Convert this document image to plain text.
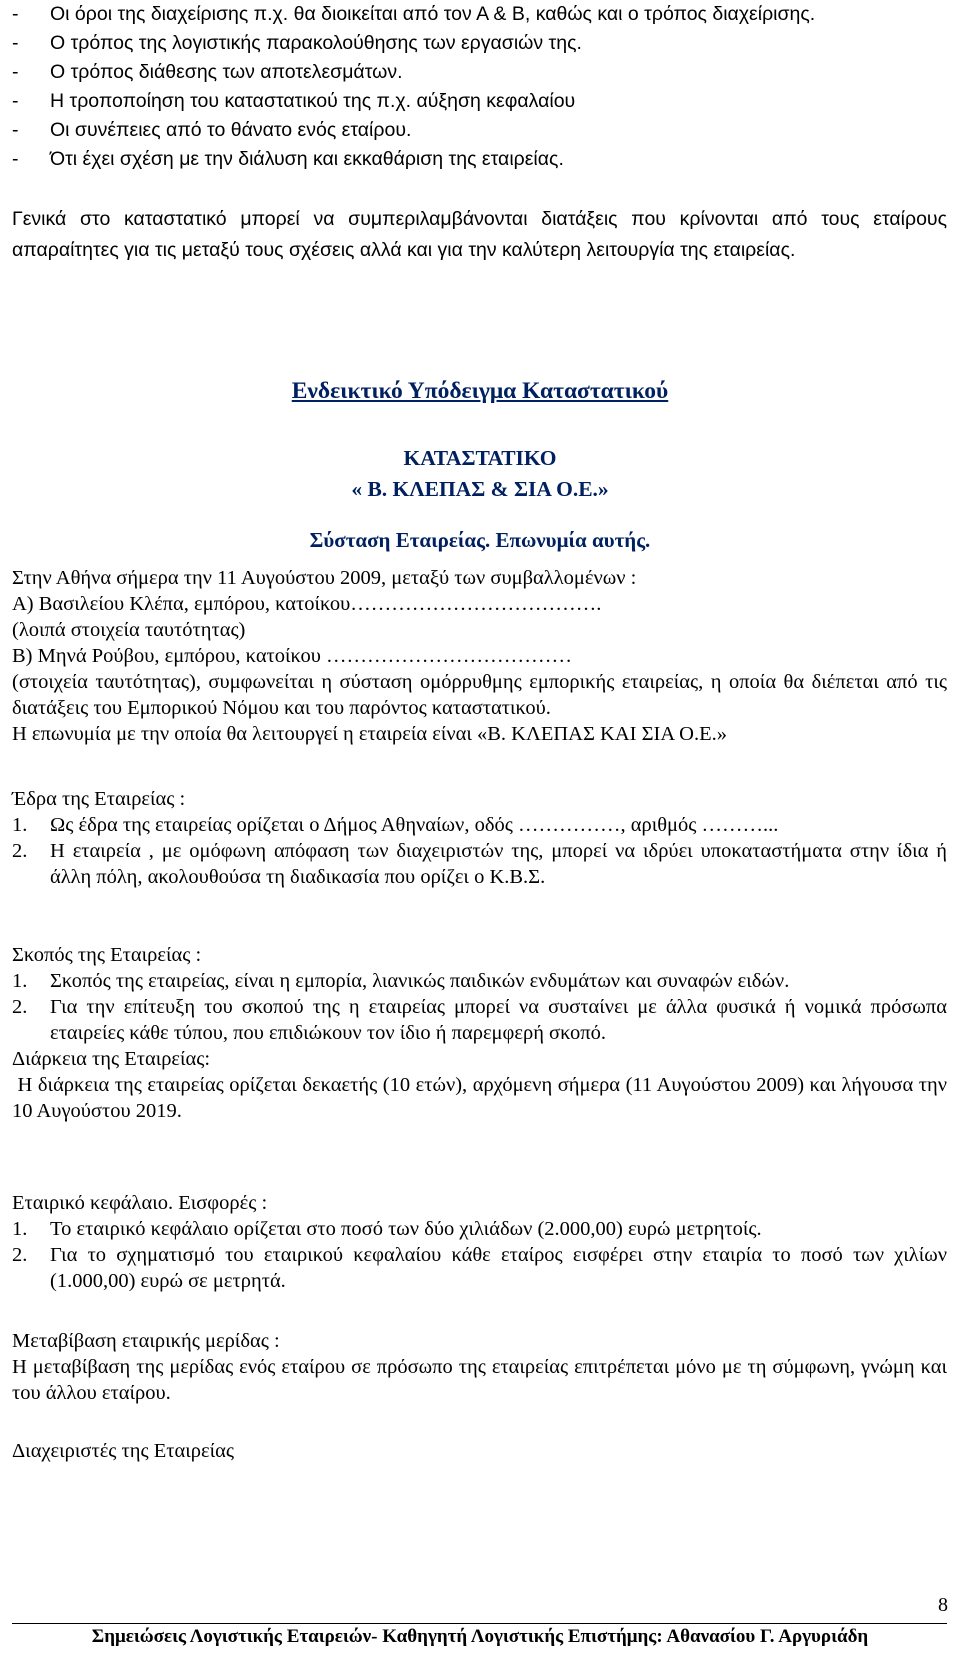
-	Οι όροι της διαχείρισης π.χ. θα διοικείται από τον Α & Β, καθώς και ο τρόπος διαχείρισης.
-	Ο τρόπος της λογιστικής παρακολούθησης των εργασιών της.
-	Ο τρόπος διάθεσης των αποτελεσμάτων.
-	Η τροποποίηση του καταστατικού της π.χ. αύξηση κεφαλαίου
-	Οι συνέπειες από το θάνατο ενός εταίρου.
-	Ότι έχει σχέση με την διάλυση και εκκαθάριση της εταιρείας.
Γενικά στο καταστατικό μπορεί να συμπεριλαμβάνονται διατάξεις που κρίνονται από τους εταίρους απαραίτητες για τις μεταξύ τους σχέσεις αλλά και για την καλύτερη λειτουργία της εταιρείας.
Ενδεικτικό Υπόδειγμα Καταστατικού
ΚΑΤΑΣΤΑΤΙΚΟ
« Β. ΚΛΕΠΑΣ & ΣΙΑ Ο.Ε.»
Σύσταση Εταιρείας. Επωνυμία αυτής.
Στην Αθήνα σήμερα την 11 Αυγούστου 2009, μεταξύ των συμβαλλομένων :
Α) Βασιλείου Κλέπα, εμπόρου, κατοίκου……………………………….
(λοιπά στοιχεία ταυτότητας)
Β) Μηνά Ρούβου, εμπόρου, κατοίκου ………………………………
(στοιχεία ταυτότητας), συμφωνείται η σύσταση ομόρρυθμης εμπορικής εταιρείας, η οποία θα διέπεται από τις διατάξεις του Εμπορικού Νόμου και του παρόντος καταστατικού.
Η επωνυμία με την οποία θα λειτουργεί η εταιρεία είναι «Β. ΚΛΕΠΑΣ ΚΑΙ ΣΙΑ Ο.Ε.»
Έδρα της Εταιρείας :
1.	Ως έδρα της εταιρείας ορίζεται ο Δήμος Αθηναίων, οδός ……………, αριθμός ………...
2.	Η εταιρεία , με ομόφωνη απόφαση των διαχειριστών της, μπορεί να ιδρύει υποκαταστήματα στην ίδια ή άλλη πόλη, ακολουθούσα τη διαδικασία που ορίζει ο Κ.Β.Σ.
Σκοπός της Εταιρείας :
1.	Σκοπός της εταιρείας, είναι η εμπορία, λιανικώς παιδικών ενδυμάτων και συναφών ειδών.
2.	Για την επίτευξη του σκοπού της η εταιρείας μπορεί να συσταίνει με άλλα φυσικά ή νομικά πρόσωπα εταιρείες κάθε τύπου, που επιδιώκουν τον ίδιο ή παρεμφερή σκοπό.
Διάρκεια της Εταιρείας:
Η διάρκεια της εταιρείας ορίζεται δεκαετής (10 ετών), αρχόμενη σήμερα (11 Αυγούστου 2009) και λήγουσα την 10 Αυγούστου 2019.
Εταιρικό κεφάλαιο. Εισφορές :
1.	Το εταιρικό κεφάλαιο ορίζεται στο ποσό των δύο χιλιάδων (2.000,00) ευρώ μετρητοίς.
2.	Για το σχηματισμό του εταιρικού κεφαλαίου κάθε εταίρος εισφέρει στην εταιρία το ποσό των χιλίων (1.000,00) ευρώ σε μετρητά.
Μεταβίβαση εταιρικής μερίδας :
Η μεταβίβαση της μερίδας ενός εταίρου σε πρόσωπο της εταιρείας επιτρέπεται μόνο με τη σύμφωνη, γνώμη και του άλλου εταίρου.
Διαχειριστές της Εταιρείας
8
Σημειώσεις Λογιστικής Εταιρειών- Καθηγητή Λογιστικής Επιστήμης: Αθανασίου Γ. Αργυριάδη
